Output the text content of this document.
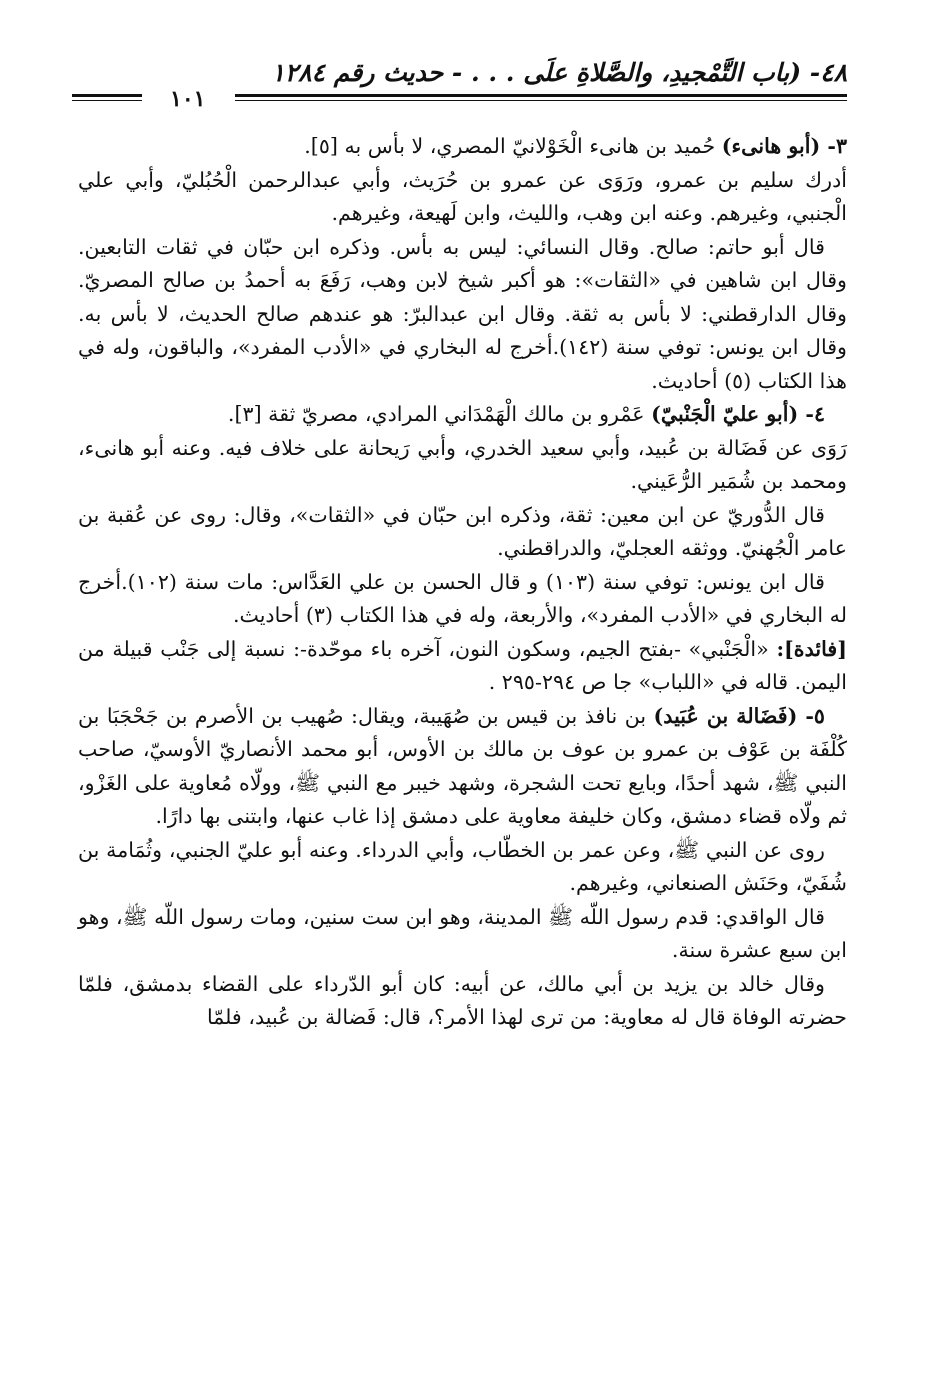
٤٨- (باب التَّمْجيدِ، والصَّلاةِ علَى . . . - حديث رقم ١٢٨٤
١٠١

٣- (أبو هانىء) حُميد بن هانىء الْخَوْلانيّ المصري، لا بأس به [٥].

أدرك سليم بن عمرو، ورَوَى عن عمرو بن حُرَيث، وأبي عبدالرحمن الْحُبُليّ، وأبي علي الْجنبي، وغيرهم. وعنه ابن وهب، والليث، وابن لَهيعة، وغيرهم.

قال أبو حاتم: صالح. وقال النسائي: ليس به بأس. وذكره ابن حبّان في ثقات التابعين. وقال ابن شاهين في «الثقات»: هو أكبر شيخ لابن وهب، رَفَعَ به أحمدُ بن صالح المصريّ. وقال الدارقطني: لا بأس به ثقة. وقال ابن عبدالبرّ: هو عندهم صالح الحديث، لا بأس به. وقال ابن يونس: توفي سنة (١٤٢).أخرج له البخاري في «الأدب المفرد»، والباقون، وله في هذا الكتاب (٥) أحاديث.

٤- (أبو عليّ الْجَنْبيّ) عَمْرو بن مالك الْهَمْدَاني المرادي، مصريّ ثقة [٣].

رَوَى عن فَضَالة بن عُبيد، وأبي سعيد الخدري، وأبي رَيحانة على خلاف فيه. وعنه أبو هانىء، ومحمد بن شُمَير الرُّعَيني.

قال الدُّوريّ عن ابن معين: ثقة، وذكره ابن حبّان في «الثقات»، وقال: روى عن عُقبة بن عامر الْجُهنيّ. ووثقه العجليّ، والدراقطني.

قال ابن يونس: توفي سنة (١٠٣) و قال الحسن بن علي العَدَّاس: مات سنة (١٠٢).أخرج له البخاري في «الأدب المفرد»، والأربعة، وله في هذا الكتاب (٣) أحاديث.

[فائدة]: «الْجَنْبي» -بفتح الجيم، وسكون النون، آخره باء موحّدة-: نسبة إلى جَنْب قبيلة من اليمن. قاله في «اللباب» جا ص ٢٩٤-٢٩٥ .

٥- (فَضَالة بن عُبَيد) بن نافذ بن قيس بن صُهَيبة، ويقال: صُهيب بن الأصرم بن جَحْجَبَا بن كُلْفَة بن عَوْف بن عمرو بن عوف بن مالك بن الأوس، أبو محمد الأنصاريّ الأوسيّ، صاحب النبي ﷺ، شهد أحدًا، وبايع تحت الشجرة، وشهد خيبر مع النبي ﷺ، وولّاه مُعاوية على الغَزْو، ثم ولّاه قضاء دمشق، وكان خليفة معاوية على دمشق إذا غاب عنها، وابتنى بها دارًا.

روى عن النبي ﷺ، وعن عمر بن الخطّاب، وأبي الدرداء. وعنه أبو عليّ الجنبي، وثُمَامة بن شُفَيّ، وحَنَش الصنعاني، وغيرهم.

قال الواقدي: قدم رسول اللّه ﷺ المدينة، وهو ابن ست سنين، ومات رسول اللّه ﷺ، وهو ابن سبع عشرة سنة.

وقال خالد بن يزيد بن أبي مالك، عن أبيه: كان أبو الدّرداء على القضاء بدمشق، فلمّا حضرته الوفاة قال له معاوية: من ترى لهذا الأمر؟، قال: فَضالة بن عُبيد، فلمّا
